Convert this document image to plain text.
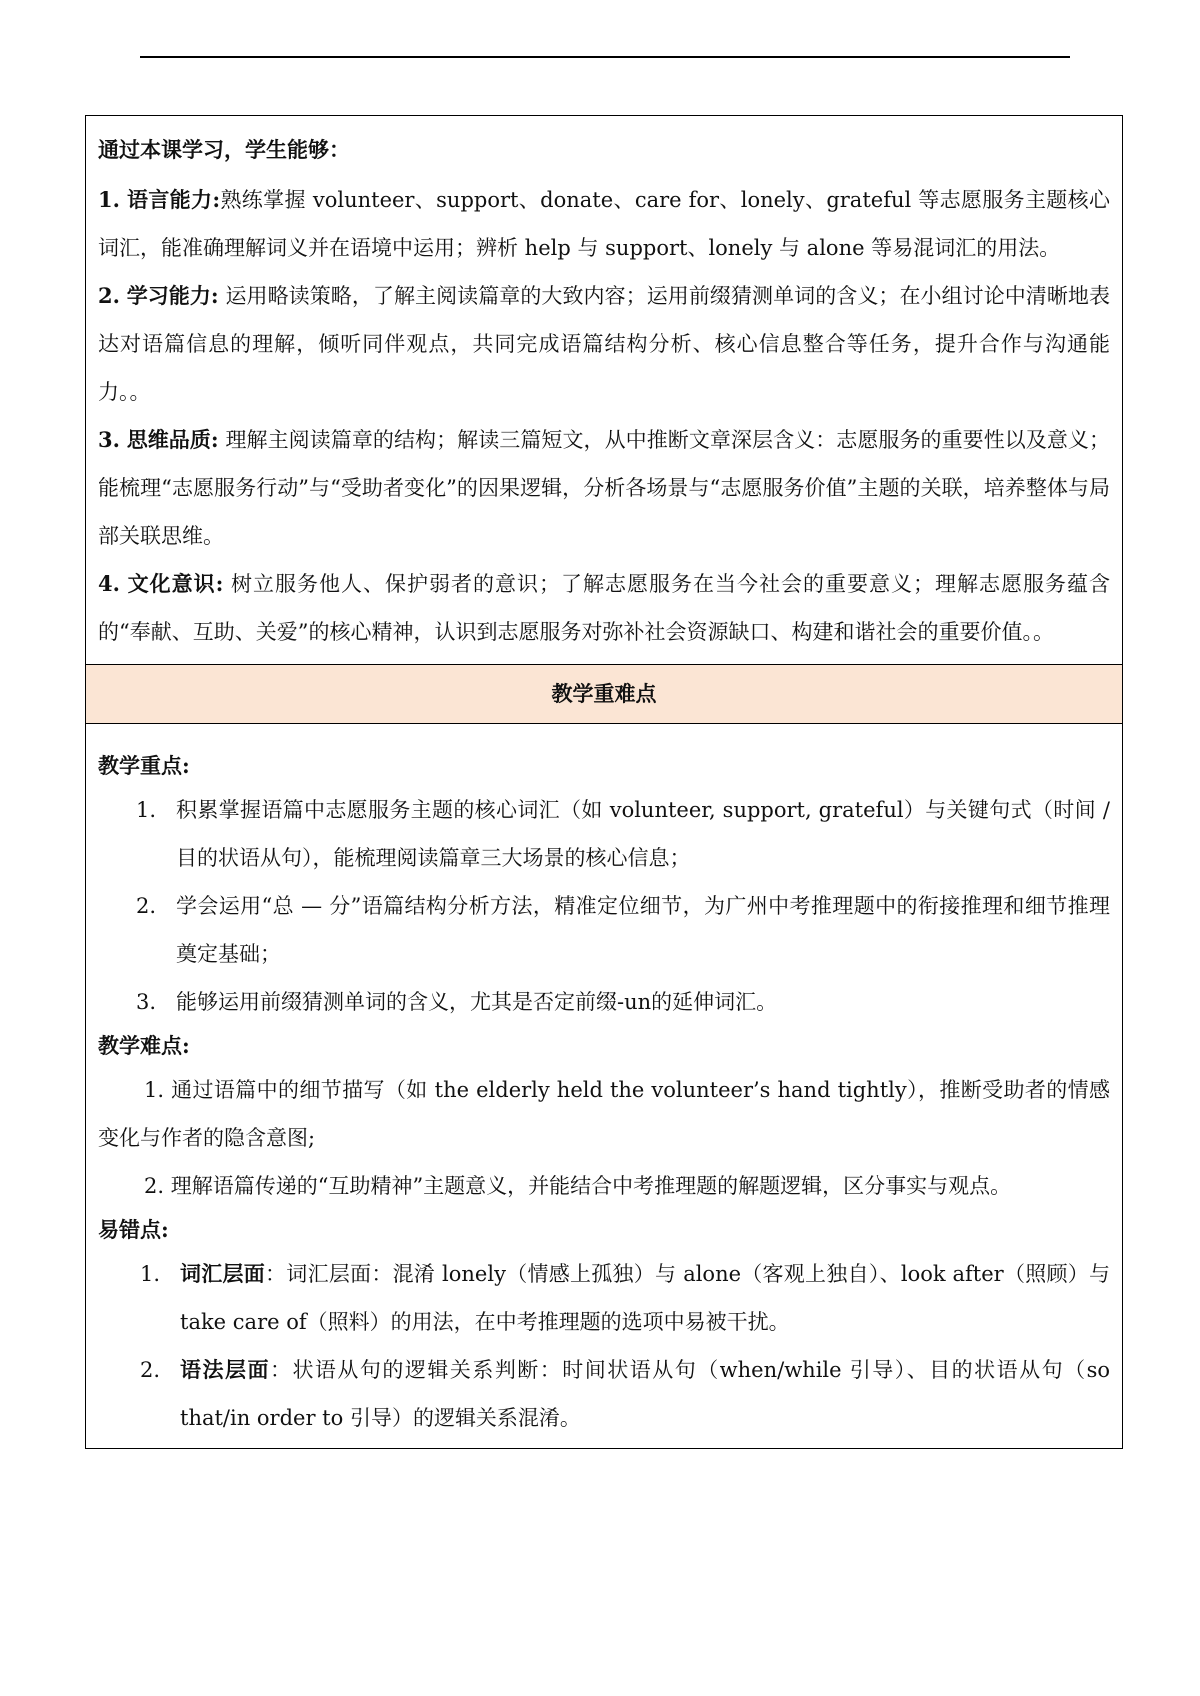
通过本课学习，学生能够：

1. 语言能力:熟练掌握 volunteer、support、donate、care for、lonely、grateful 等志愿服务主题核心词汇，能准确理解词义并在语境中运用；辨析 help 与 support、lonely 与 alone 等易混词汇的用法。

2. 学习能力: 运用略读策略，了解主阅读篇章的大致内容；运用前缀猜测单词的含义；在小组讨论中清晰地表达对语篇信息的理解，倾听同伴观点，共同完成语篇结构分析、核心信息整合等任务，提升合作与沟通能力。。

3. 思维品质: 理解主阅读篇章的结构；解读三篇短文，从中推断文章深层含义：志愿服务的重要性以及意义；能梳理“志愿服务行动”与“受助者变化”的因果逻辑，分析各场景与“志愿服务价值”主题的关联，培养整体与局部关联思维。

4. 文化意识: 树立服务他人、保护弱者的意识；了解志愿服务在当今社会的重要意义；理解志愿服务蕴含的“奉献、互助、关爱”的核心精神，认识到志愿服务对弥补社会资源缺口、构建和谐社会的重要价值。。

教学重难点

教学重点:

1. 积累掌握语篇中志愿服务主题的核心词汇（如 volunteer, support, grateful）与关键句式（时间 / 目的状语从句），能梳理阅读篇章三大场景的核心信息；
2. 学会运用“总 — 分”语篇结构分析方法，精准定位细节，为广州中考推理题中的衔接推理和细节推理奠定基础；
3. 能够运用前缀猜测单词的含义，尤其是否定前缀-un的延伸词汇。

教学难点:

1. 通过语篇中的细节描写（如 the elderly held the volunteer’s hand tightly），推断受助者的情感变化与作者的隐含意图;
2. 理解语篇传递的“互助精神”主题意义，并能结合中考推理题的解题逻辑，区分事实与观点。

易错点:

1. 词汇层面：词汇层面：混淆 lonely（情感上孤独）与 alone（客观上独自）、look after（照顾）与 take care of（照料）的用法，在中考推理题的选项中易被干扰。
2. 语法层面：状语从句的逻辑关系判断：时间状语从句（when/while 引导）、目的状语从句（so that/in order to 引导）的逻辑关系混淆。
